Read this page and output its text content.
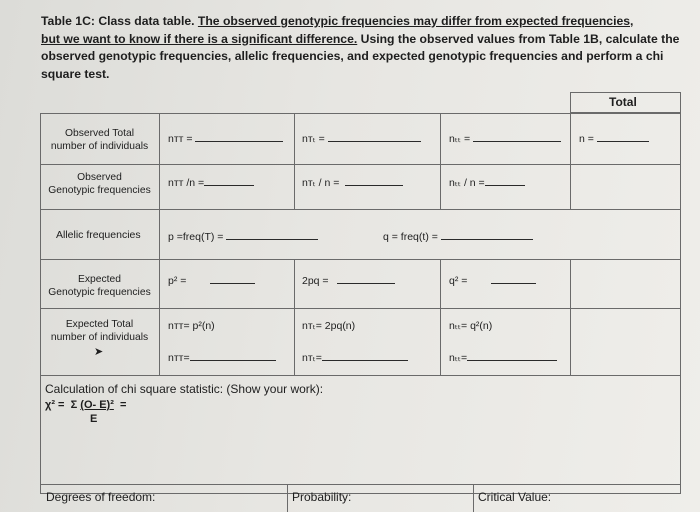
Table 1C: Class data table. The observed genotypic frequencies may differ from expected frequencies,
but we want to know if there is a significant difference. Using the observed values from Table 1B, calculate the observed genotypic frequencies, allelic frequencies, and expected genotypic frequencies and perform a chi square test.
Total
Observed Total
number of individuals
nᴛᴛ =	nᴛₜ =	nₜₜ =	n =
Observed
Genotypic frequencies
nᴛᴛ /n =	nᴛₜ / n =	nₜₜ / n =
Allelic frequencies	p =freq(T) =	q = freq(t) =
Expected
Genotypic frequencies
p² =	2pq =	q² =
Expected Total
number of individuals
➤
nᴛᴛ= p²(n)	nᴛₜ= 2pq(n)	nₜₜ= q²(n)
nᴛᴛ=	nᴛₜ=	nₜₜ=
Calculation of chi square statistic: (Show your work):
χ² = Σ (O- E)² =
E
Degrees of freedom:	Probability:	Critical Value:
